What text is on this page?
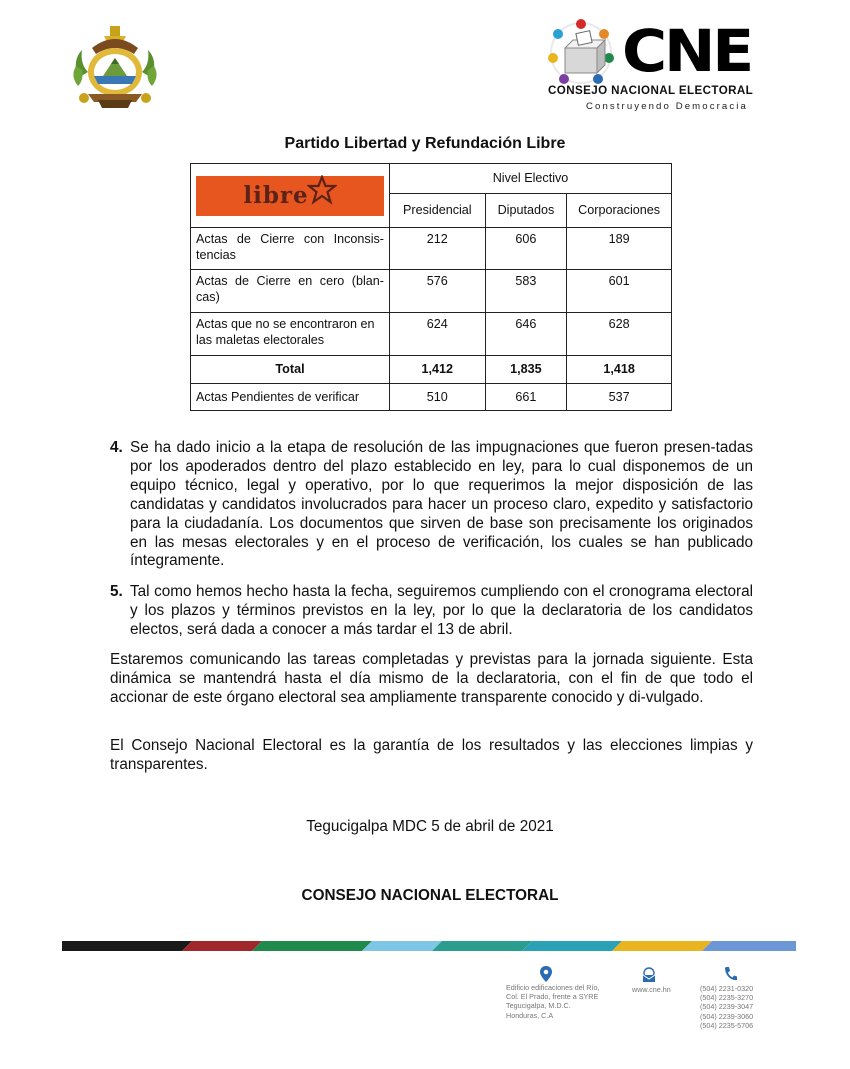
CNE
CONSEJO NACIONAL ELECTORAL
Construyendo Democracia
Partido Libertad y Refundación Libre
libre	Nivel Electivo		
	Presidencial	Diputados	Corporaciones
Actas de Cierre con Inconsis-tencias	212	606	189
Actas de Cierre en cero (blan-cas)	576	583	601
Actas que no se encontraron en las maletas electorales	624	646	628
Total	1,412	1,835	1,418
Actas Pendientes de verificar	510	661	537
4. Se ha dado inicio a la etapa de resolución de las impugnaciones que fueron presen-tadas por los apoderados dentro del plazo establecido en ley, para lo cual disponemos de un equipo técnico, legal y operativo, por lo que requerimos la mejor disposición de las candidatas y candidatos involucrados para hacer un proceso claro, expedito y satisfactorio para la ciudadanía. Los documentos que sirven de base son precisamente los originados en las mesas electorales y en el proceso de verificación, los cuales se han publicado íntegramente.
5. Tal como hemos hecho hasta la fecha, seguiremos cumpliendo con el cronograma electoral y los plazos y términos previstos en la ley, por lo que la declaratoria de los candidatos electos, será dada a conocer a más tardar el 13 de abril.
Estaremos comunicando las tareas completadas y previstas para la jornada siguiente. Esta dinámica se mantendrá hasta el día mismo de la declaratoria, con el fin de que todo el accionar de este órgano electoral sea ampliamente transparente conocido y di-vulgado.
El Consejo Nacional Electoral es la garantía de los resultados y las elecciones limpias y transparentes.
Tegucigalpa MDC 5 de abril de 2021
CONSEJO NACIONAL ELECTORAL
Edificio edificaciones del Río,
Col. El Prado, frente a SYRE
Tegucigalpa, M.D.C.
Honduras, C.A
www.cne.hn	(504) 2231-0320
(504) 2235-3270
(504) 2239-3047
(504) 2239-3060
(504) 2235-5706
